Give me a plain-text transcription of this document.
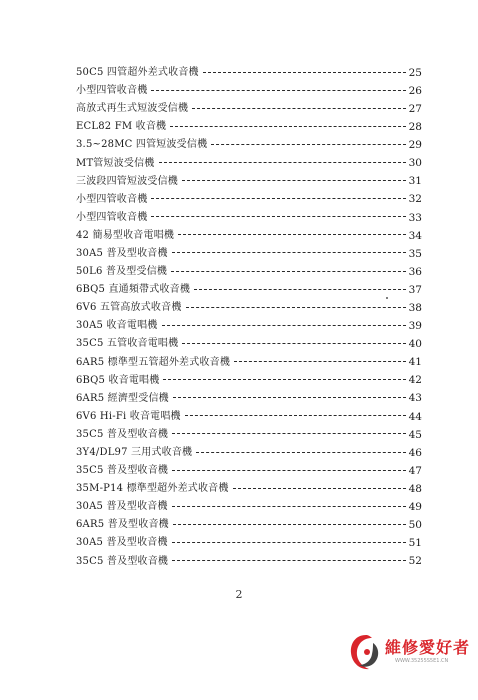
50C5 四管超外差式收音機	25
小型四管收音機	26
高放式再生式短波受信機	27
ECL82 FM 收音機	28
3.5~28MC 四管短波受信機	29
MT管短波受信機	30
三波段四管短波受信機	31
小型四管收音機	32
小型四管收音機	33
42 簡易型收音電唱機	34
30A5 普及型收音機	35
50L6 普及型受信機	36
6BQ5 直通頻帶式收音機	37
6V6 五管高放式收音機	38
30A5 收音電唱機	39
35C5 五管收音電唱機	40
6AR5 標準型五管超外差式收音機	41
6BQ5 收音電唱機	42
6AR5 經濟型受信機	43
6V6 Hi-Fi 收音電唱機	44
35C5 普及型收音機	45
3Y4/DL97 三用式收音機	46
35C5 普及型收音機	47
35M-P14 標準型超外差式收音機	48
30A5 普及型收音機	49
6AR5 普及型收音機	50
30A5 普及型收音機	51
35C5 普及型收音機	52
2
維修愛好者
WWW.35255S5E1.CN
